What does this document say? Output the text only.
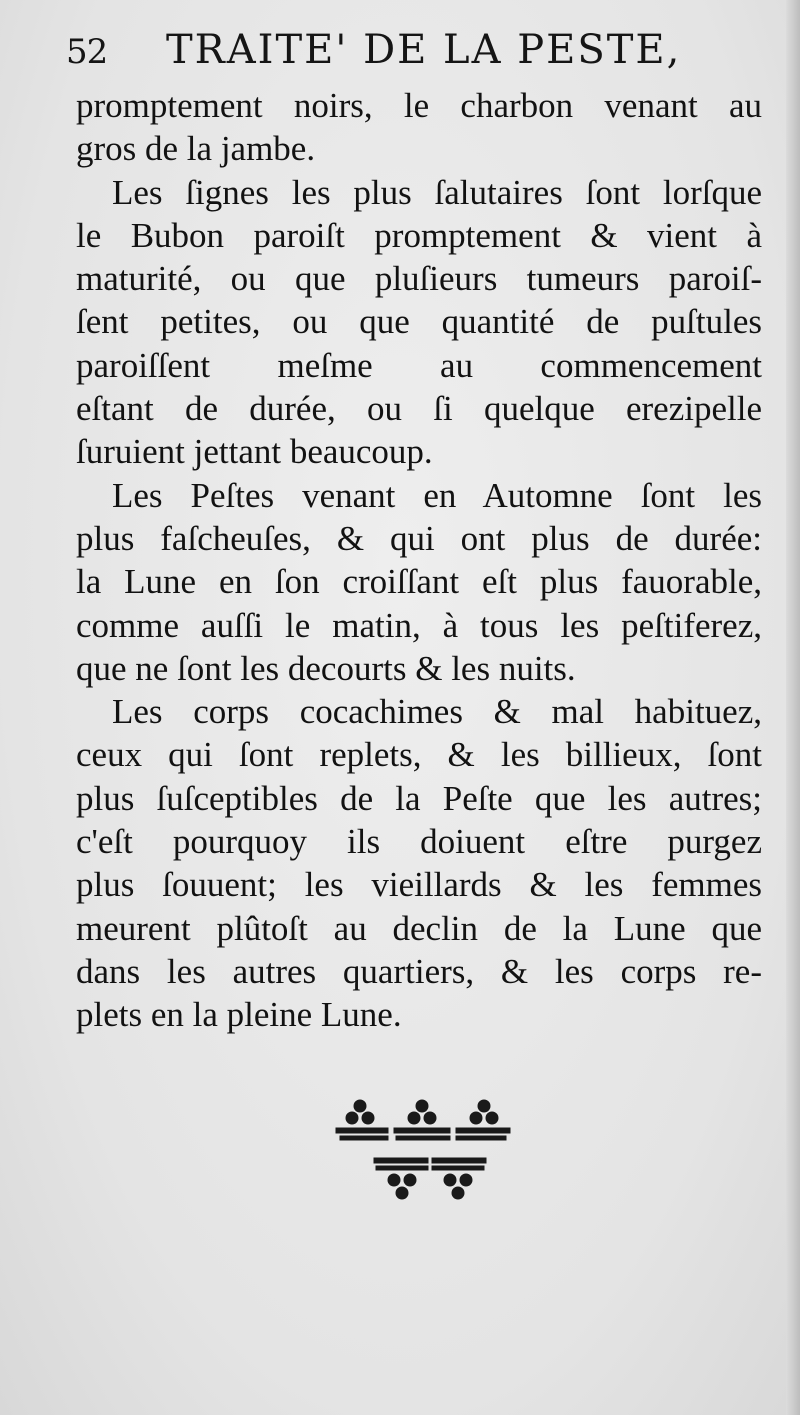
52 TRAITE' DE LA PESTE,
promptement noirs, le charbon venant au
gros de la jambe.
Les ſignes les plus ſalutaires ſont lorſque
le Bubon paroiſt promptement & vient à
maturité, ou que pluſieurs tumeurs paroiſ-
ſent petites, ou que quantité de puſtules
paroiſſent meſme au commencement
eſtant de durée, ou ſi quelque erezipelle
ſuruient jettant beaucoup.
Les Peſtes venant en Automne ſont les
plus faſcheuſes, & qui ont plus de durée:
la Lune en ſon croiſſant eſt plus fauorable,
comme auſſi le matin, à tous les peſtiferez,
que ne ſont les decourts & les nuits.
Les corps cocachimes & mal habituez,
ceux qui ſont replets, & les billieux, ſont
plus ſuſceptibles de la Peſte que les autres;
c'eſt pourquoy ils doiuent eſtre purgez
plus ſouuent; les vieillards & les femmes
meurent plûtoſt au declin de la Lune que
dans les autres quartiers, & les corps re-
plets en la pleine Lune.
